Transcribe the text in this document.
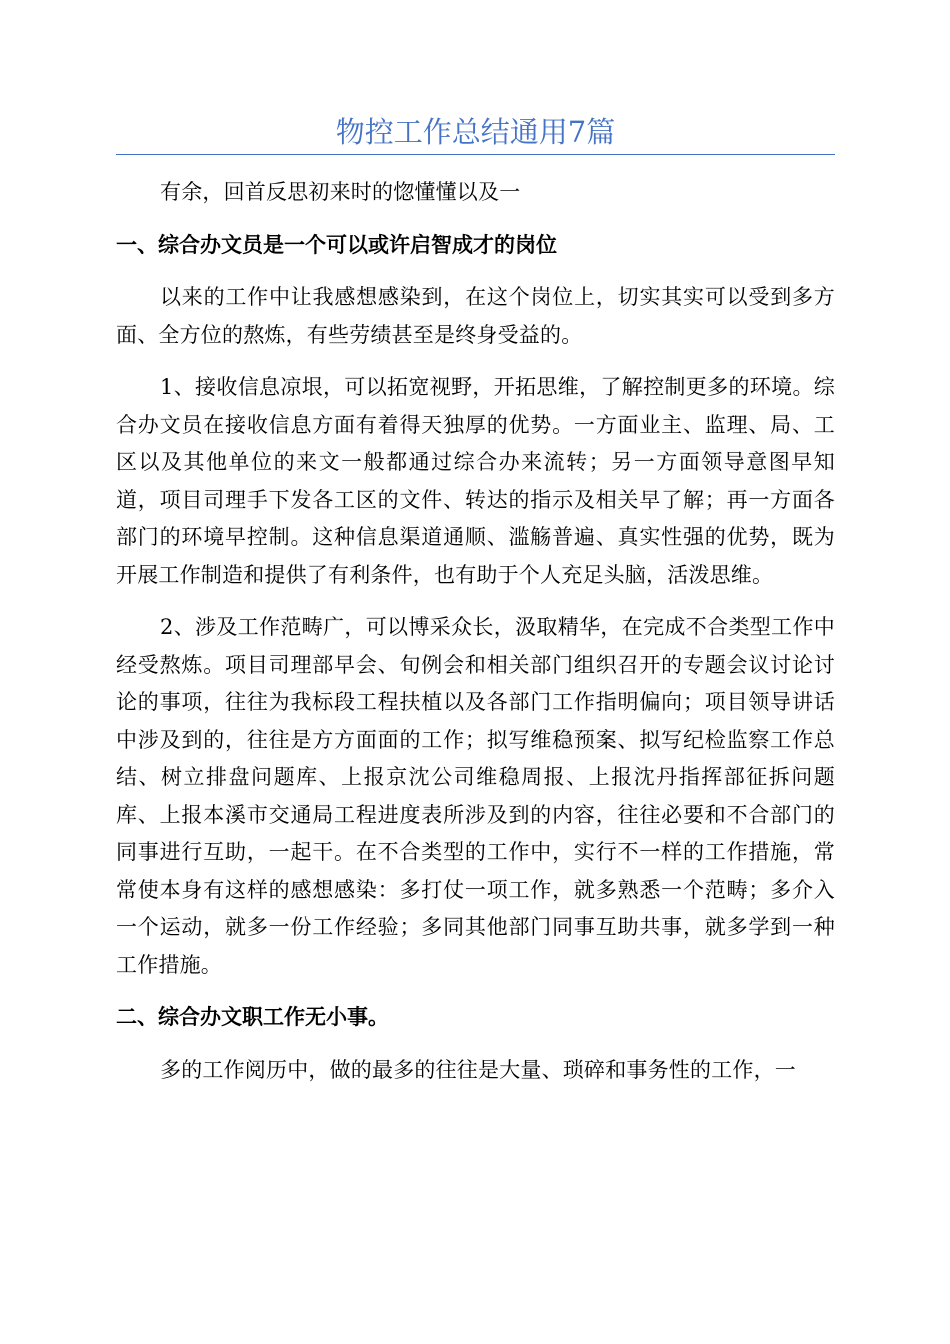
物控工作总结通用7篇

有余，回首反思初来时的惚懂懂以及一

一、综合办文员是一个可以或许启智成才的岗位

以来的工作中让我感想感染到，在这个岗位上，切实其实可以受到多方面、全方位的熬炼，有些劳绩甚至是终身受益的。

1、接收信息凉垠，可以拓宽视野，开拓思维，了解控制更多的环境。综合办文员在接收信息方面有着得天独厚的优势。一方面业主、监理、局、工区以及其他单位的来文一般都通过综合办来流转；另一方面领导意图早知道，项目司理手下发各工区的文件、转达的指示及相关早了解；再一方面各部门的环境早控制。这种信息渠道通顺、滥觞普遍、真实性强的优势，既为开展工作制造和提供了有利条件，也有助于个人充足头脑，活泼思维。

2、涉及工作范畴广，可以博采众长，汲取精华，在完成不合类型工作中经受熬炼。项目司理部早会、旬例会和相关部门组织召开的专题会议讨论讨论的事项，往往为我标段工程扶植以及各部门工作指明偏向；项目领导讲话中涉及到的，往往是方方面面的工作；拟写维稳预案、拟写纪检监察工作总结、树立排盘问题库、上报京沈公司维稳周报、上报沈丹指挥部征拆问题库、上报本溪市交通局工程进度表所涉及到的内容，往往必要和不合部门的同事进行互助，一起干。在不合类型的工作中，实行不一样的工作措施，常常使本身有这样的感想感染：多打仗一项工作，就多熟悉一个范畴；多介入一个运动，就多一份工作经验；多同其他部门同事互助共事，就多学到一种工作措施。

二、综合办文职工作无小事。

多的工作阅历中，做的最多的往往是大量、琐碎和事务性的工作，一
